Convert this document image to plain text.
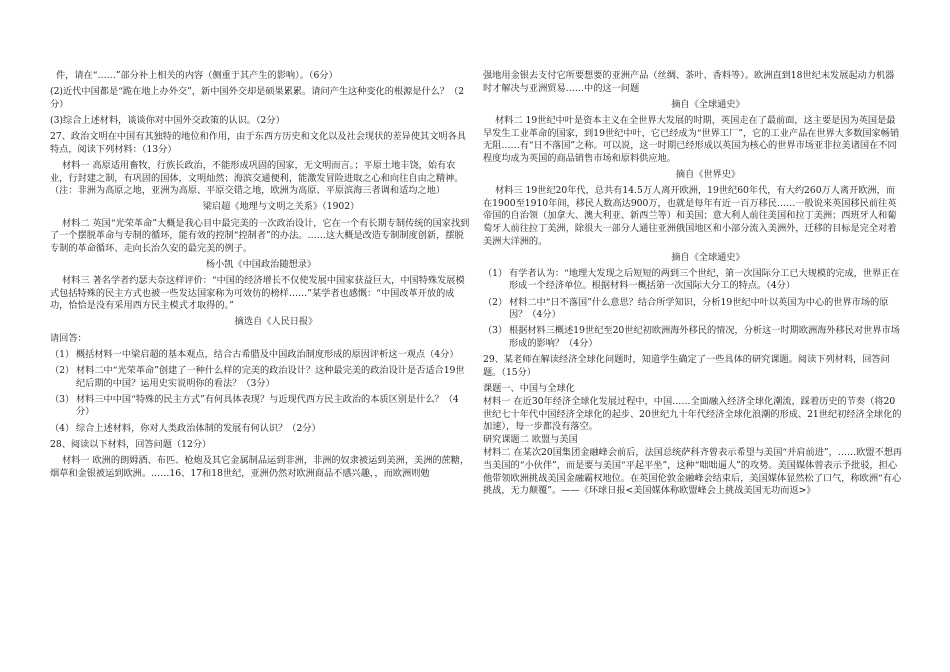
件，请在“……”部分补上相关的内容（侧重于其产生的影响）。（6分）

(2)近代中国都是“跪在地上办外交”，新中国外交却是硕果累累。请问产生这种变化的根源是什么？（2分）

(3)综合上述材料，谈谈你对中国外交政策的认识。（2分）

27、政治文明在中国有其独特的地位和作用，由于东西方历史和文化以及社会现状的差异使其文明各具特点，阅读下列材料：（13分）

材料一 高原适用畜牧，行族长政治，不能形成巩固的国家，无文明而言。；平原土地丰饶，始有农业，行封建之制，有巩固的国体，文明灿然；海滨交通便利，能激发冒险进取之心和向往自由之精神。（注：非洲为高原之地，亚洲为高原、平原交错之地，欧洲为高原、平原滨海三者调和适均之地）

梁启超《地理与文明之关系》（1902）

材料二 英国“光荣革命”大概是我心目中最完美的一次政治设计，它在一个有长期专制传统的国家找到了一个摆脱革命与专制的循环，能有效的控制“控制者”的办法。……这大概是改造专制制度创新，摆脱专制的革命循环、走向长治久安的最完美的例子。

杨小凯《中国政治随想录》

材料三 著名学者约瑟夫奈这样评价：“中国的经济增长不仅使发展中国家获益巨大，中国特殊发展模式包括特殊的民主方式也被一些发达国家称为可效仿的榜样……”某学者也感慨：“中国改革开放的成功，恰恰是没有采用西方民主模式才取得的。”

摘选自《人民日报》

请回答：

（1） 概括材料一中梁启超的基本观点，结合古希腊及中国政治制度形成的原因评析这一观点（4分）
（2） 材料二中“光荣革命”创建了一种什么样的完美的政治设计？这种最完美的政治设计是否适合19世纪后期的中国？运用史实说明你的看法？（3分）
（3） 材料三中中国“特殊的民主方式”有何具体表现？与近现代西方民主政治的本质区别是什么？（4分）
（4） 综合上述材料，你对人类政治体制的发展有何认识？（2分）

28、阅读以下材料，回答问题（12分）

材料一 欧洲的朗姆酒、布匹、枪炮及其它金属制品运到非洲，非洲的奴隶被运到美洲，美洲的蔗糖，烟草和金银被运到欧洲。……16、17和18世纪，亚洲仍然对欧洲商品不感兴趣，，而欧洲则勉

强地用金银去支付它所要想要的亚洲产品（丝绸、茶叶、香料等）。欧洲直到18世纪末发展起动力机器时才解决与亚洲贸易……中的这一问题

摘自《全球通史》

材料二 19世纪中叶是资本主义在全世界大发展的时期，英国走在了最前面，这主要是因为英国是最早发生工业革命的国家，到19世纪中叶，它已经成为“世界工厂”，它的工业产品在世界大多数国家畅销无阻……有“日不落国”之称。可以说，这一时期已经形成以英国为核心的世界市场亚非拉美诸国在不同程度均成为英国的商品销售市场和原料供应地。

摘自《世界史》

材料三 19世纪20年代，总共有14.5万人离开欧洲，19世纪60年代，有大约260万人离开欧洲，而在1900至1910年间，移民人数高达900万，也就是每年有近一百万移民……一般说来英国移民前往英帝国的自治领（加拿大、澳大利亚、新西兰等）和美国；意大利人前往美国和拉丁美洲；西班牙人和葡萄牙人前往拉丁美洲，除很大一部分人通往亚洲俄国地区和小部分流入美洲外，迁移的目标是完全对着美洲大洋洲的。

摘自《全球通史》

（1） 有学者认为：“地理大发现之后短短的两到三个世纪，第一次国际分工已大规模的完成，世界正在形成一个经济单位。根据材料一概括第一次国际大分工的特点。（4分）
（2） 材料二中“日不落国”什么意思？结合所学知识，分析19世纪中叶以英国为中心的世界市场的原因？（4分）
（3） 根据材料三概述19世纪至20世纪初欧洲海外移民的情况，分析这一时期欧洲海外移民对世界市场形成的影响？（4分）

29、某老师在解读经济全球化问题时，知道学生确定了一些具体的研究课题。阅读下列材料，回答问题。（15分）

课题一、中国与全球化

材料一 在近30年经济全球化发展过程中，中国……全面融入经济全球化潮流，踩着历史的节奏（将20世纪七十年代中国经济全球化的起步、20世纪九十年代经济全球化浪潮的形成、21世纪初经济全球化的加速），每一步都没有落空。

研究课题二 欧盟与美国

材料二 在某次20国集团金融峰会前后，法国总统萨科齐曾表示希望与美国“并肩前进”，……欧盟不想再当美国的“小伙伴”，而是要与美国“平起平坐”，这种“咄咄逼人”的攻势。美国媒体曾表示予批驳，担心他带领欧洲挑战美国金融霸权地位。在英国伦敦金融峰会结束后，美国媒体显然松了口气，称欧洲“有心挑战，无力颠覆”。——《环球日报<美国媒体称欧盟峰会上挑战美国无功而返>》
